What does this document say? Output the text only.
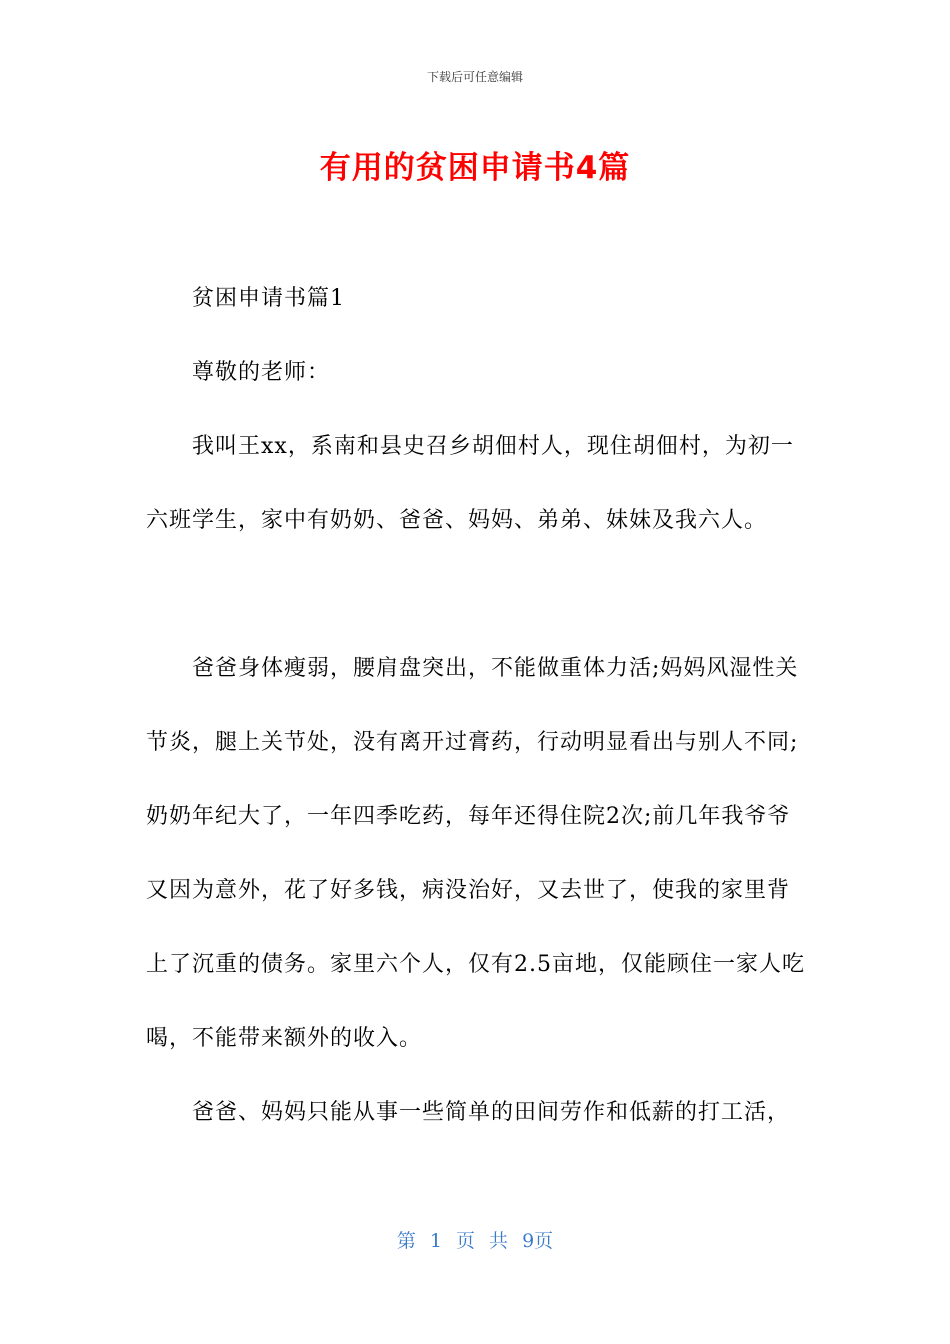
下载后可任意编辑
有用的贫困申请书4篇

贫困申请书篇1

尊敬的老师：

我叫王xx，系南和县史召乡胡佃村人，现住胡佃村，为初一六班学生，家中有奶奶、爸爸、妈妈、弟弟、妹妹及我六人。

爸爸身体瘦弱，腰肩盘突出，不能做重体力活;妈妈风湿性关节炎，腿上关节处，没有离开过膏药，行动明显看出与别人不同;奶奶年纪大了，一年四季吃药，每年还得住院2次;前几年我爷爷又因为意外，花了好多钱，病没治好，又去世了，使我的家里背上了沉重的债务。家里六个人，仅有2.5亩地，仅能顾住一家人吃喝，不能带来额外的收入。

爸爸、妈妈只能从事一些简单的田间劳作和低薪的打工活，

第 1 页 共 9页
